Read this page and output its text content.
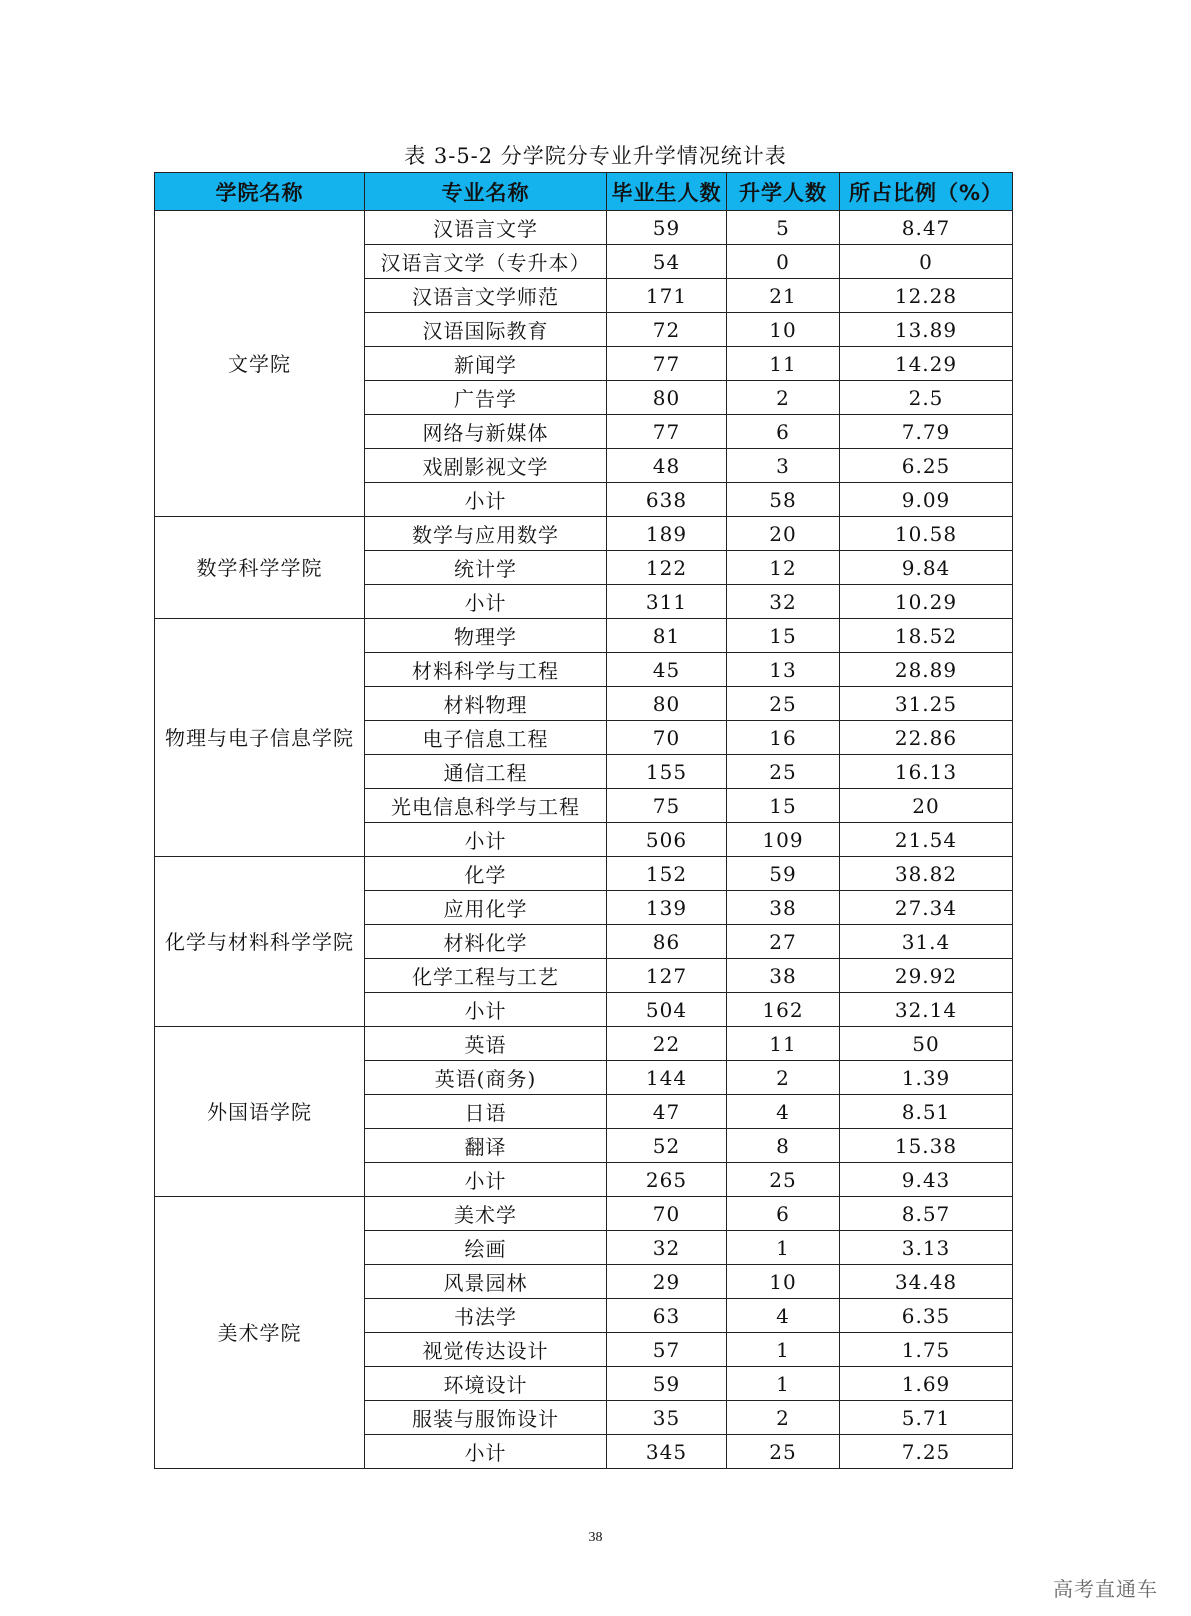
表 3-5-2 分学院分专业升学情况统计表
学院名称	专业名称	毕业生人数	升学人数	所占比例（%）
文学院	汉语言文学	59	5	8.47
	汉语言文学（专升本）	54	0	0
	汉语言文学师范	171	21	12.28
	汉语国际教育	72	10	13.89
	新闻学	77	11	14.29
	广告学	80	2	2.5
	网络与新媒体	77	6	7.79
	戏剧影视文学	48	3	6.25
	小计	638	58	9.09
数学科学学院	数学与应用数学	189	20	10.58
	统计学	122	12	9.84
	小计	311	32	10.29
物理与电子信息学院	物理学	81	15	18.52
	材料科学与工程	45	13	28.89
	材料物理	80	25	31.25
	电子信息工程	70	16	22.86
	通信工程	155	25	16.13
	光电信息科学与工程	75	15	20
	小计	506	109	21.54
化学与材料科学学院	化学	152	59	38.82
	应用化学	139	38	27.34
	材料化学	86	27	31.4
	化学工程与工艺	127	38	29.92
	小计	504	162	32.14
外国语学院	英语	22	11	50
	英语(商务)	144	2	1.39
	日语	47	4	8.51
	翻译	52	8	15.38
	小计	265	25	9.43
美术学院	美术学	70	6	8.57
	绘画	32	1	3.13
	风景园林	29	10	34.48
	书法学	63	4	6.35
	视觉传达设计	57	1	1.75
	环境设计	59	1	1.69
	服装与服饰设计	35	2	5.71
	小计	345	25	7.25
38
高考直通车
